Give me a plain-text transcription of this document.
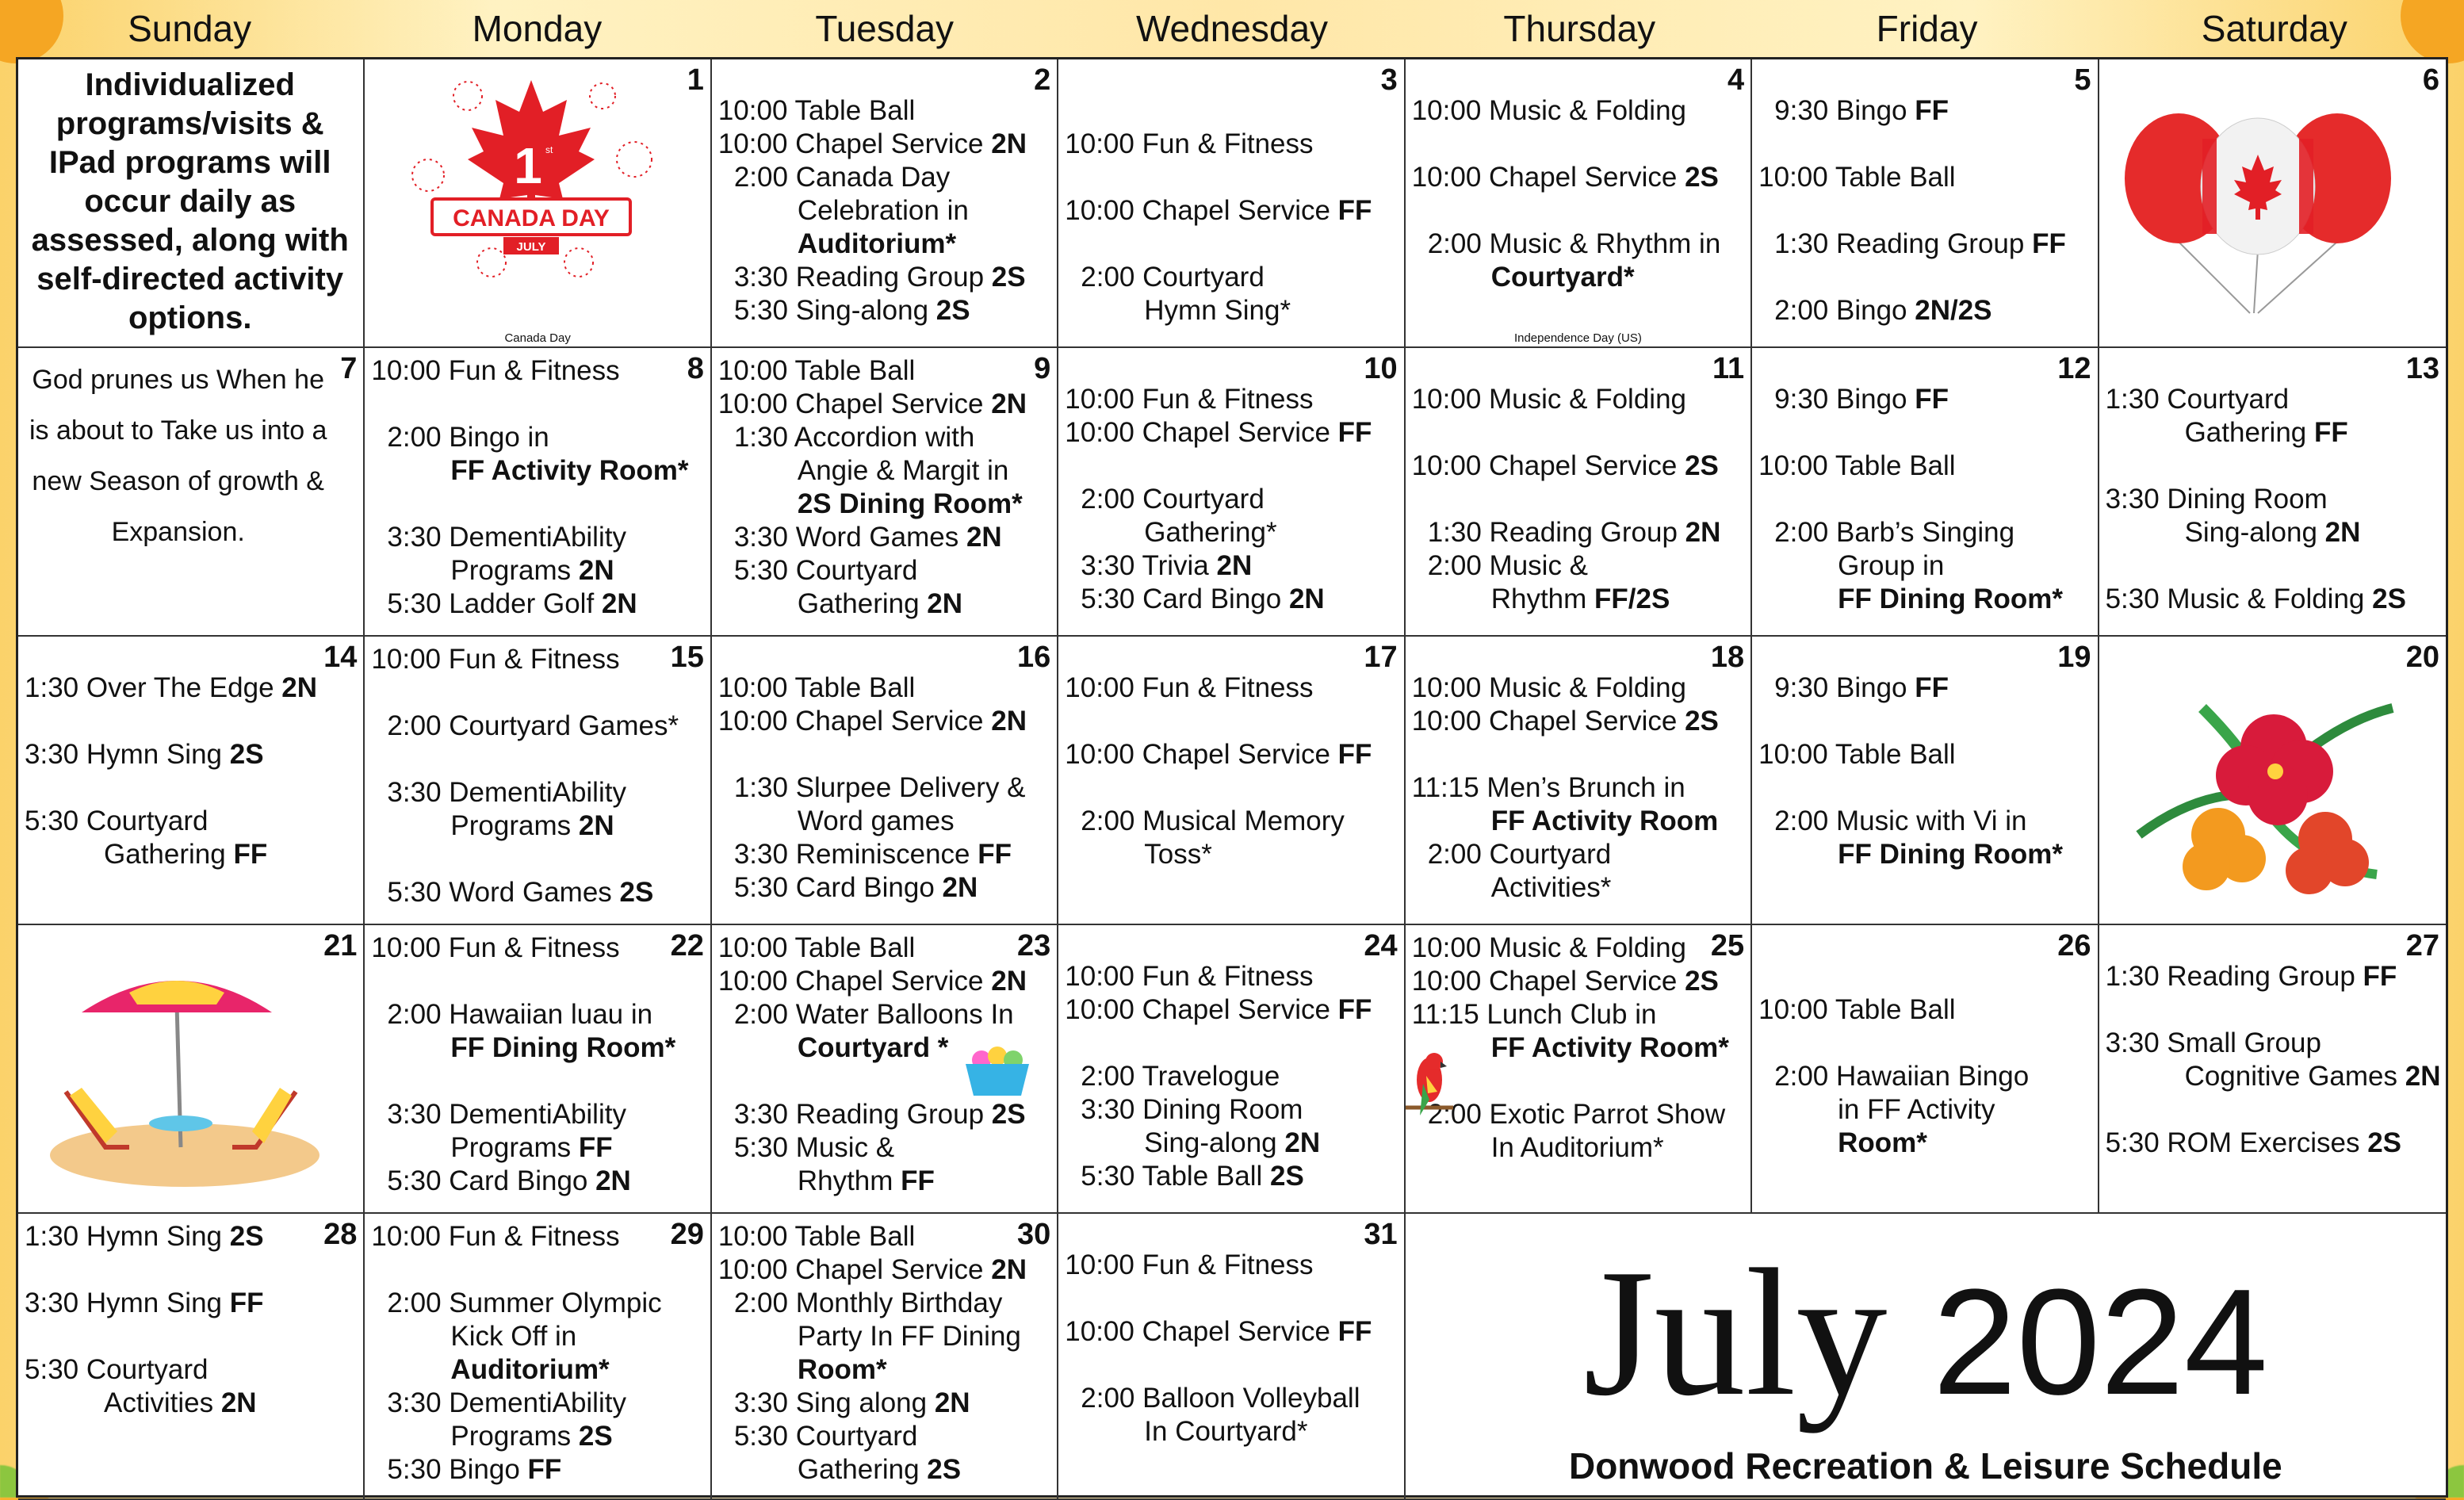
Sunday	Monday	Tuesday	Wednesday	Thursday	Friday	Saturday
Individualized programs/visits & IPad programs will occur daily as assessed, along with self-directed activity options.
1
CANADA DAY
JULY
1 st
Canada Day
2
10:00 Table Ball
10:00 Chapel Service 2N
2:00 Canada Day
Celebration in
Auditorium*
3:30 Reading Group 2S
5:30 Sing-along 2S
3
10:00 Fun & Fitness
10:00 Chapel Service FF
2:00 Courtyard
Hymn Sing*
4
10:00 Music & Folding
10:00 Chapel Service 2S
2:00 Music & Rhythm in
Courtyard*
Independence Day (US)
5
9:30 Bingo FF
10:00 Table Ball
1:30 Reading Group FF
2:00 Bingo 2N/2S
6
7
God prunes us When he is about to Take us into a new Season of growth & Expansion.
8
10:00 Fun & Fitness
2:00 Bingo in
FF Activity Room*
3:30 DementiAbility
Programs 2N
5:30 Ladder Golf 2N
9
10:00 Table Ball
10:00 Chapel Service 2N
1:30 Accordion with
Angie & Margit in
2S Dining Room*
3:30 Word Games 2N
5:30 Courtyard
Gathering 2N
10
10:00 Fun & Fitness
10:00 Chapel Service FF
2:00 Courtyard
Gathering*
3:30 Trivia 2N
5:30 Card Bingo 2N
11
10:00 Music & Folding
10:00 Chapel Service 2S
1:30 Reading Group 2N
2:00 Music &
Rhythm FF/2S
12
9:30 Bingo FF
10:00 Table Ball
2:00 Barb’s Singing
Group in
FF Dining Room*
13
1:30 Courtyard
Gathering FF
3:30 Dining Room
Sing-along 2N
5:30 Music & Folding 2S
14
1:30 Over The Edge 2N
3:30 Hymn Sing 2S
5:30 Courtyard
Gathering FF
15
10:00 Fun & Fitness
2:00 Courtyard Games*
3:30 DementiAbility
Programs 2N
5:30 Word Games 2S
16
10:00 Table Ball
10:00 Chapel Service 2N
1:30 Slurpee Delivery &
Word games
3:30 Reminiscence FF
5:30 Card Bingo 2N
17
10:00 Fun & Fitness
10:00 Chapel Service FF
2:00 Musical Memory
Toss*
18
10:00 Music & Folding
10:00 Chapel Service 2S
11:15 Men’s Brunch in
FF Activity Room
2:00 Courtyard
Activities*
19
9:30 Bingo FF
10:00 Table Ball
2:00 Music with Vi in
FF Dining Room*
20
21	22
10:00 Fun & Fitness
2:00 Hawaiian luau in
FF Dining Room*
3:30 DementiAbility
Programs FF
5:30 Card Bingo 2N
23
10:00 Table Ball
10:00 Chapel Service 2N
2:00 Water Balloons In
Courtyard *
3:30 Reading Group 2S
5:30 Music &
Rhythm FF
24
10:00 Fun & Fitness
10:00 Chapel Service FF
2:00 Travelogue
3:30 Dining Room
Sing-along 2N
5:30 Table Ball 2S
25
10:00 Music & Folding
10:00 Chapel Service 2S
11:15 Lunch Club in
FF Activity Room*
2:00 Exotic Parrot Show
In Auditorium*
26
10:00 Table Ball
2:00 Hawaiian Bingo
in FF Activity
Room*
27
1:30 Reading Group FF
3:30 Small Group
Cognitive Games 2N
5:30 ROM Exercises 2S
28
1:30 Hymn Sing 2S
3:30 Hymn Sing FF
5:30 Courtyard
Activities 2N
29
10:00 Fun & Fitness
2:00 Summer Olympic
Kick Off in
Auditorium*
3:30 DementiAbility
Programs 2S
5:30 Bingo FF
30
10:00 Table Ball
10:00 Chapel Service 2N
2:00 Monthly Birthday
Party In FF Dining
Room*
3:30 Sing along 2N
5:30 Courtyard
Gathering 2S
31
10:00 Fun & Fitness
10:00 Chapel Service FF
2:00 Balloon Volleyball
In Courtyard*	July 2024
Donwood Recreation & Leisure Schedule
